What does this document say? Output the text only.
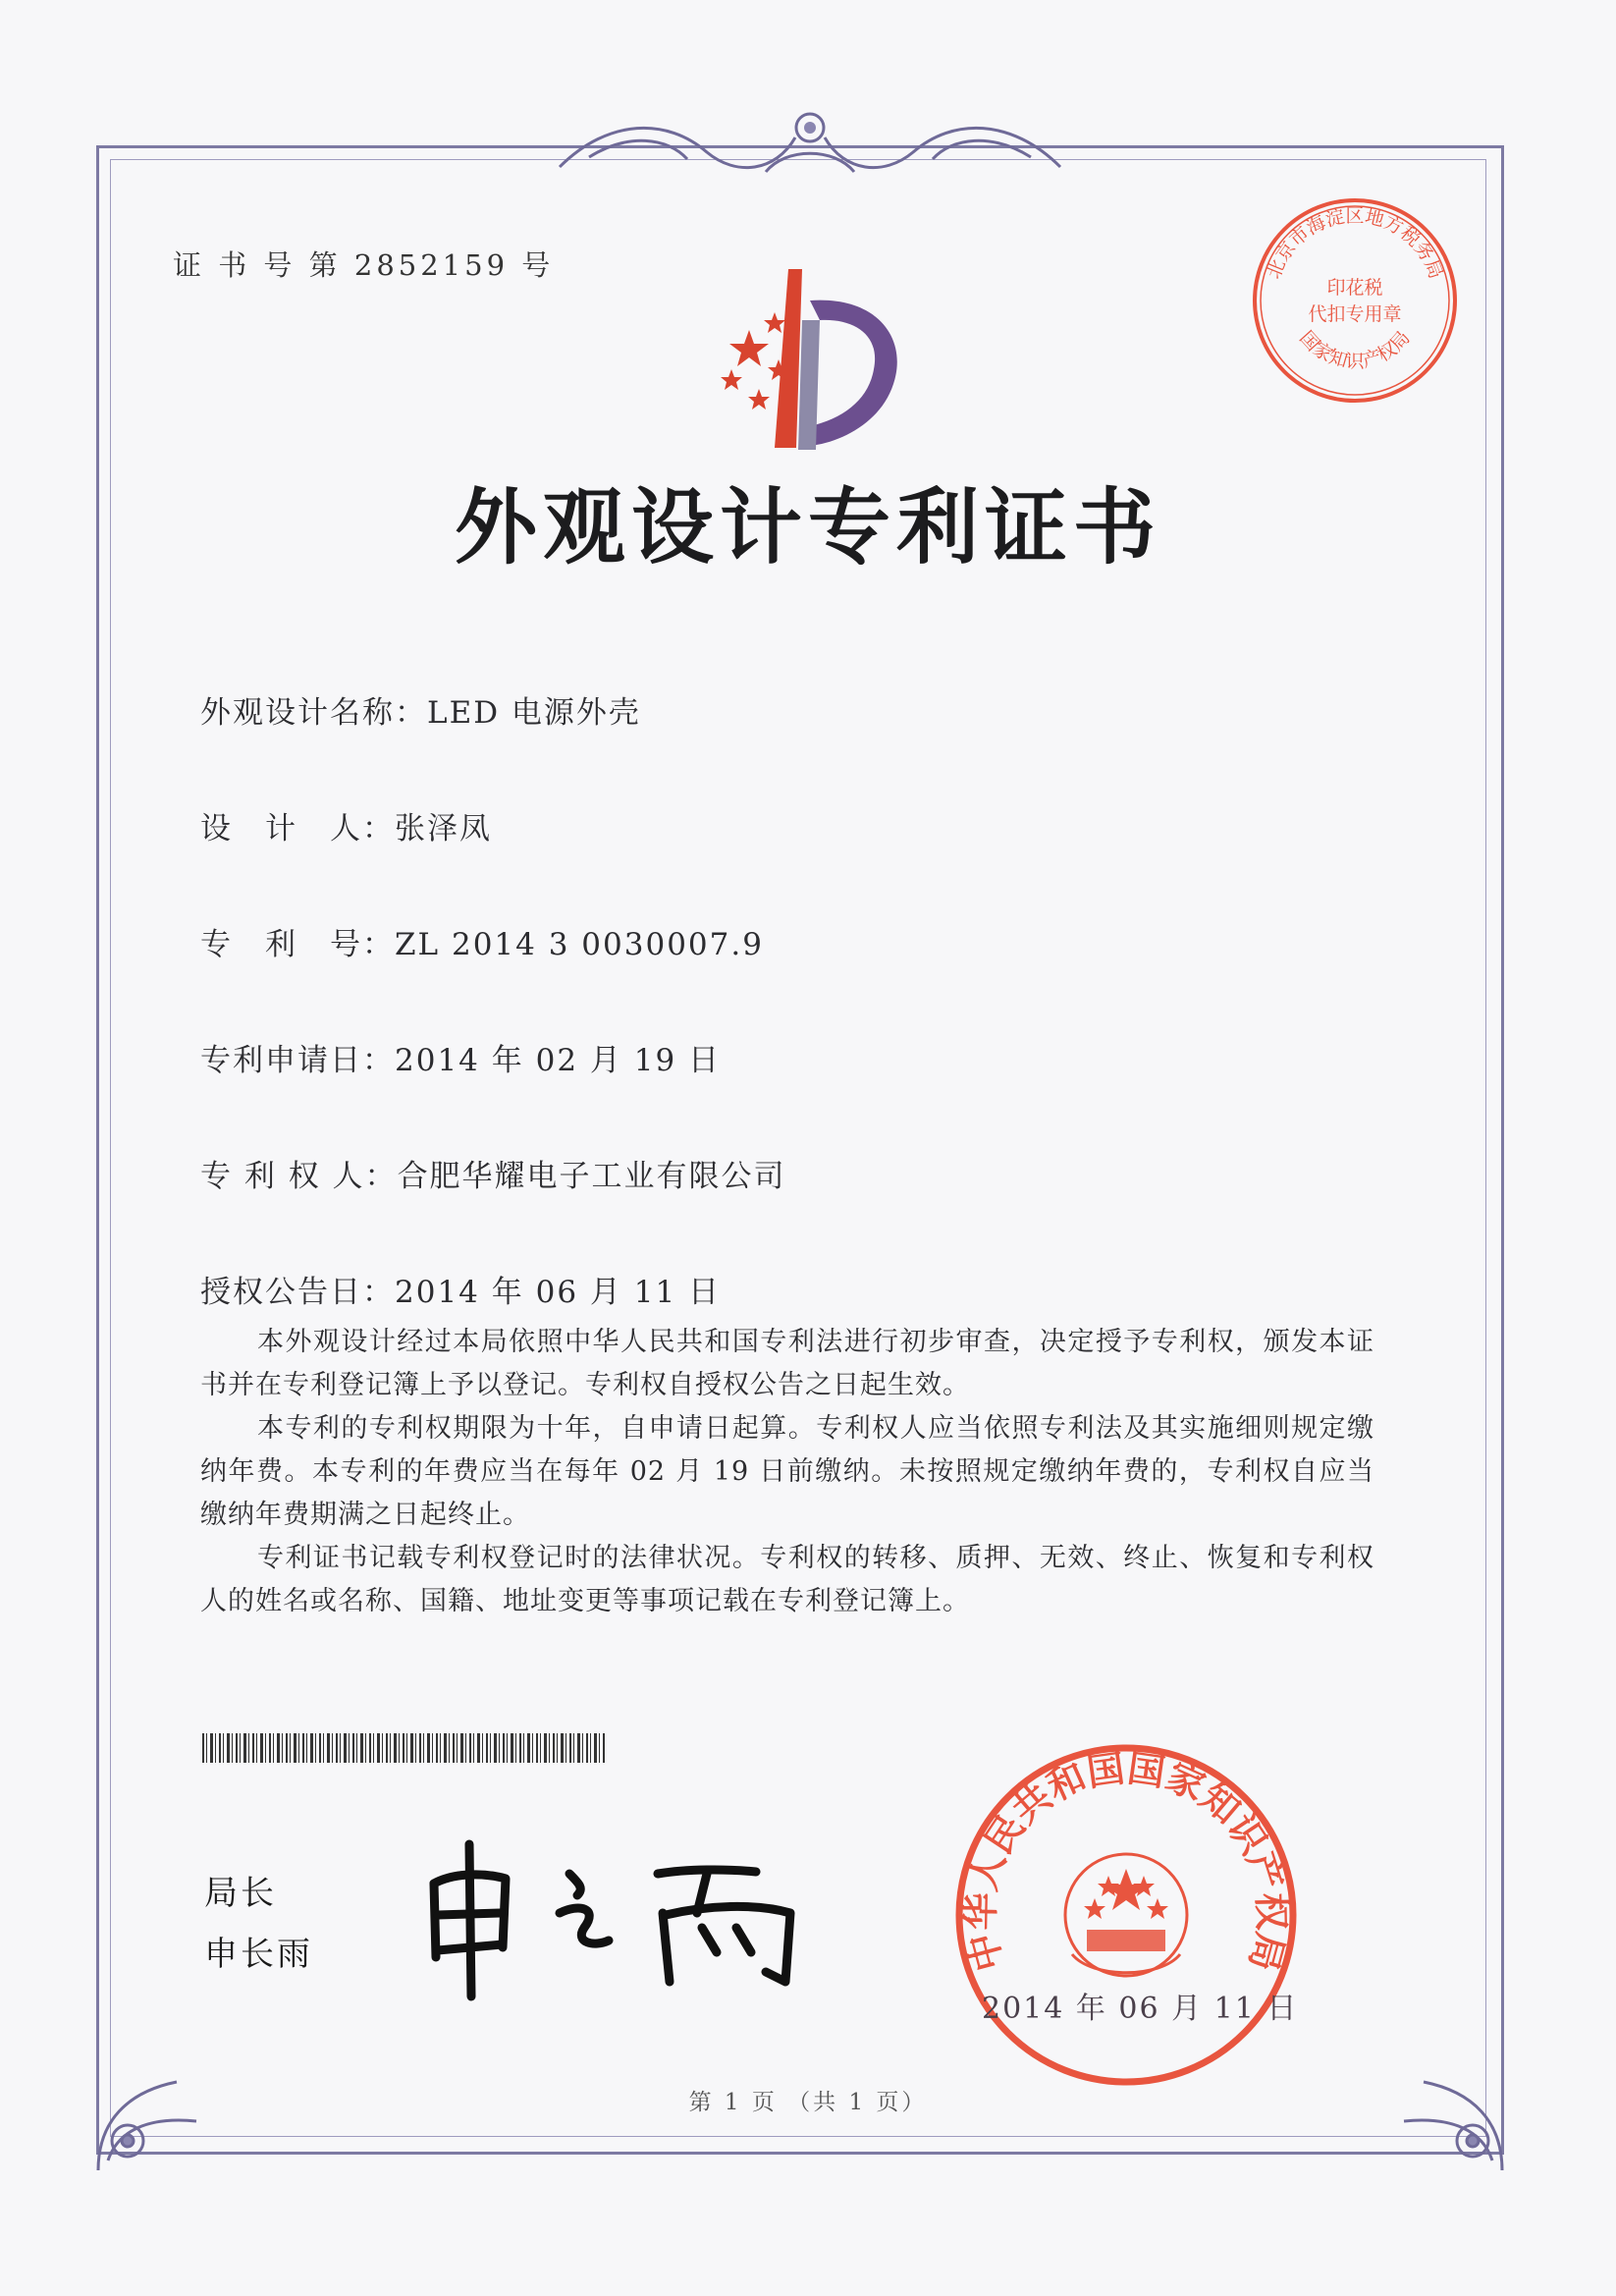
证 书 号 第 2852159 号	北京市海淀区地方税务局
印花税
代扣专用章
国家知识产权局
外观设计专利证书
外观设计名称：LED 电源外壳
设　计　人：张泽凤
专　利　号：ZL 2014 3 0030007.9
专利申请日：2014 年 02 月 19 日
专 利 权 人：合肥华耀电子工业有限公司
授权公告日：2014 年 06 月 11 日

本外观设计经过本局依照中华人民共和国专利法进行初步审查，决定授予专利权，颁发本证书并在专利登记簿上予以登记。专利权自授权公告之日起生效。

本专利的专利权期限为十年，自申请日起算。专利权人应当依照专利法及其实施细则规定缴纳年费。本专利的年费应当在每年 02 月 19 日前缴纳。未按照规定缴纳年费的，专利权自应当缴纳年费期满之日起终止。

专利证书记载专利权登记时的法律状况。专利权的转移、质押、无效、终止、恢复和专利权人的姓名或名称、国籍、地址变更等事项记载在专利登记簿上。

局长
申长雨	中华人民共和国国家知识产权局
2014 年 06 月 11 日
第 1 页 （共 1 页）
